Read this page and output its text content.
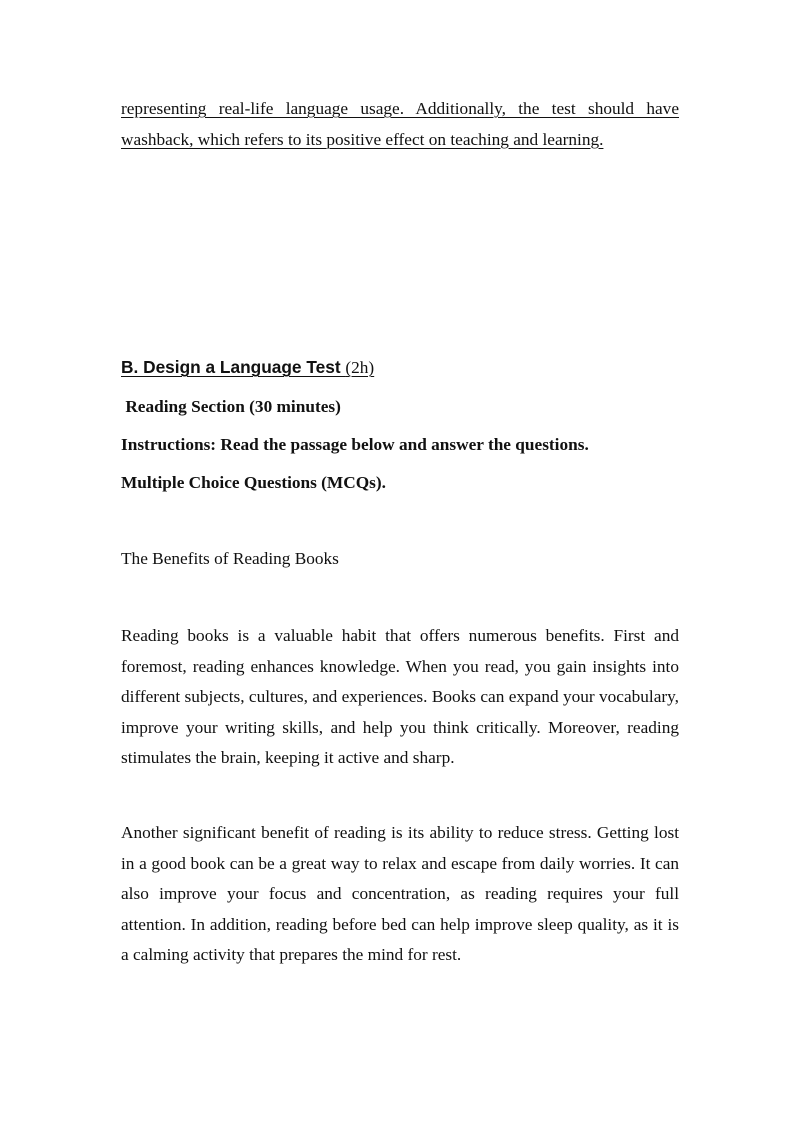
representing real-life language usage. Additionally, the test should have

washback, which refers to its positive effect on teaching and learning.

B. Design a Language Test (2h)

Reading Section (30 minutes)

Instructions: Read the passage below and answer the questions.

Multiple Choice Questions (MCQs).

The Benefits of Reading Books

Reading books is a valuable habit that offers numerous benefits. First and foremost, reading enhances knowledge. When you read, you gain insights into different subjects, cultures, and experiences. Books can expand your vocabulary, improve your writing skills, and help you think critically. Moreover, reading stimulates the brain, keeping it active and sharp.

Another significant benefit of reading is its ability to reduce stress. Getting lost in a good book can be a great way to relax and escape from daily worries. It can also improve your focus and concentration, as reading requires your full attention. In addition, reading before bed can help improve sleep quality, as it is a calming activity that prepares the mind for rest.
